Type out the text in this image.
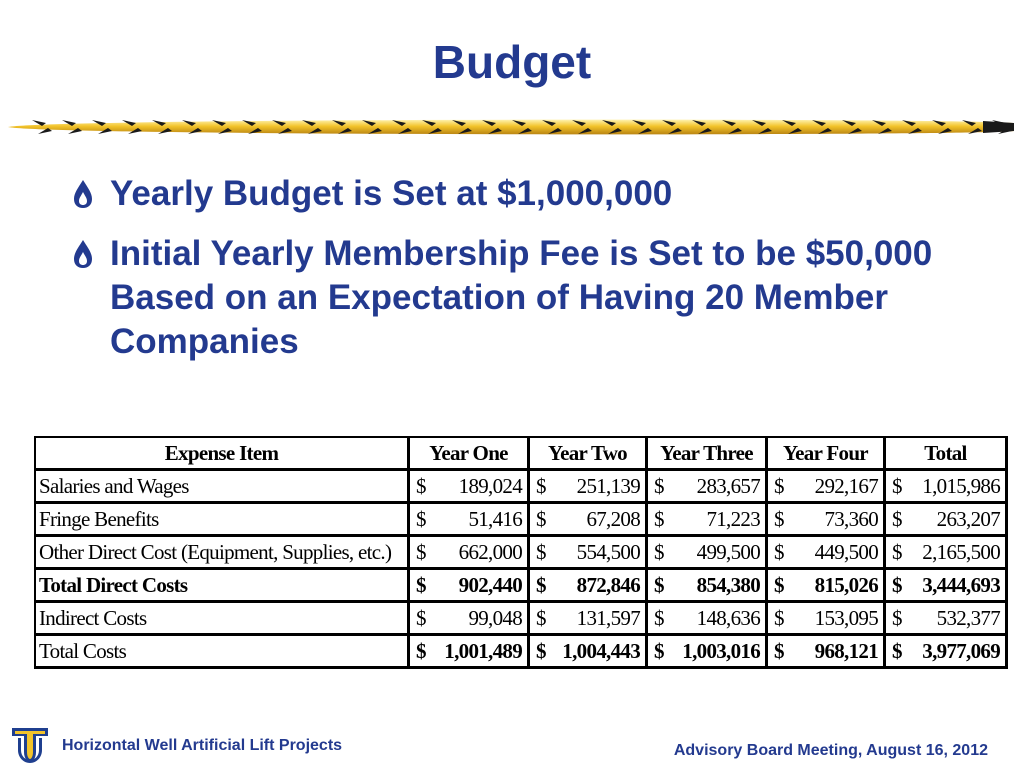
Budget
Yearly Budget is Set at $1,000,000
Initial Yearly Membership Fee is Set to be $50,000 Based on an Expectation of Having 20 Member Companies
Expense Item	Year One	Year Two	Year Three	Year Four	Total
Salaries and Wages	$ 189,024	$ 251,139	$ 283,657	$ 292,167	$ 1,015,986
Fringe Benefits	$ 51,416	$ 67,208	$ 71,223	$ 73,360	$ 263,207
Other Direct Cost (Equipment, Supplies, etc.)	$ 662,000	$ 554,500	$ 499,500	$ 449,500	$ 2,165,500
Total Direct Costs	$ 902,440	$ 872,846	$ 854,380	$ 815,026	$ 3,444,693
Indirect Costs	$ 99,048	$ 131,597	$ 148,636	$ 153,095	$ 532,377
Total Costs	$ 1,001,489	$ 1,004,443	$ 1,003,016	$ 968,121	$ 3,977,069
Horizontal Well Artificial Lift Projects	Advisory Board Meeting, August 16, 2012
